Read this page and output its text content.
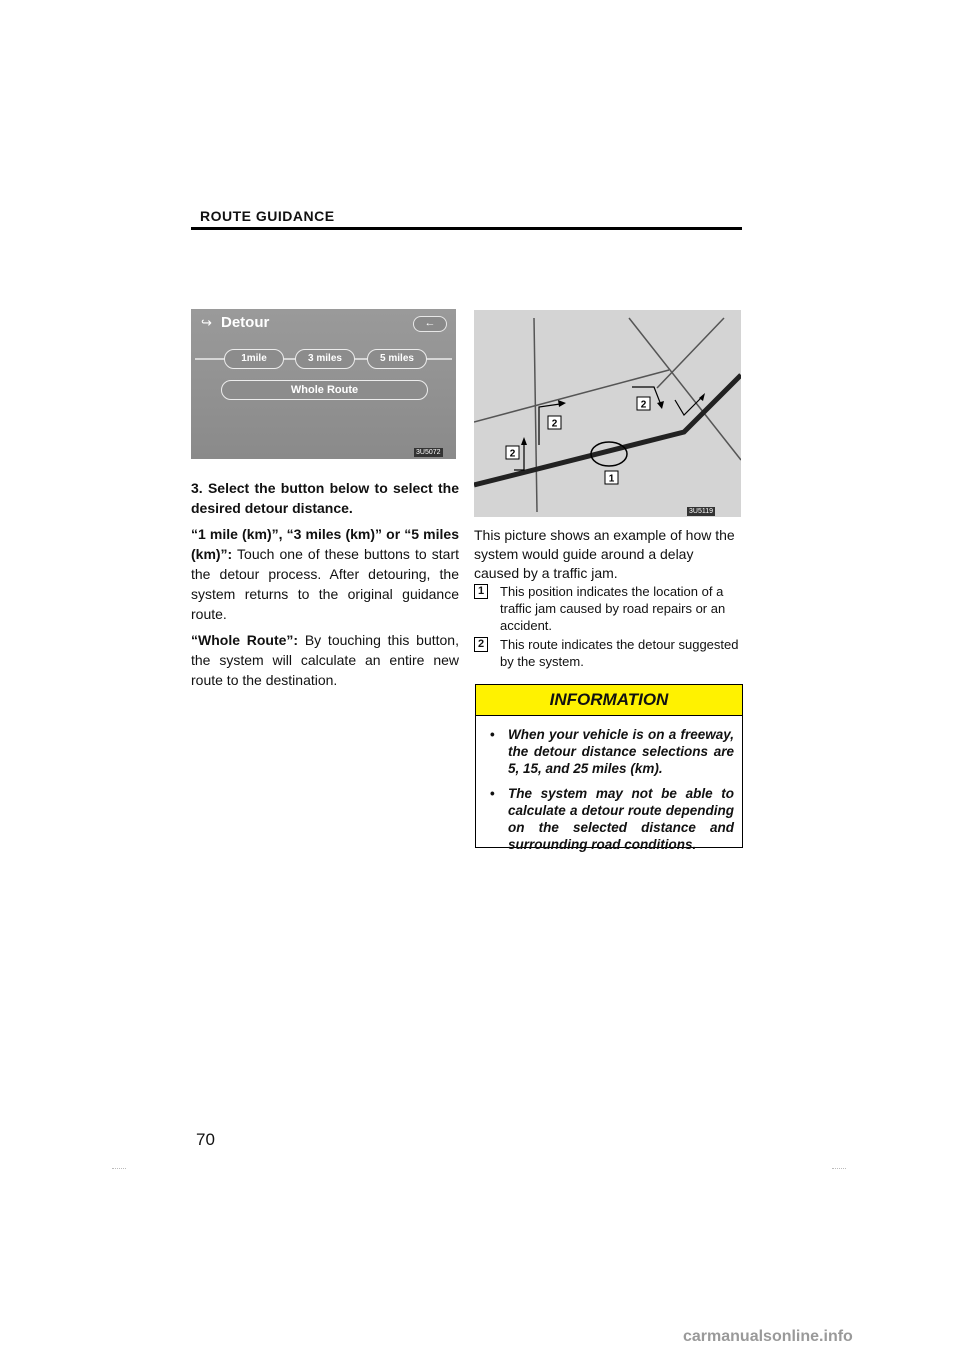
ROUTE GUIDANCE
↪ Detour	←
1mile	3 miles	5 miles
Whole Route
3U5072

3. Select the button below to select the desired detour distance.

“1 mile (km)”, “3 miles (km)” or “5 miles (km)”: Touch one of these buttons to start the detour process. After detouring, the system returns to the original guidance route.

“Whole Route”: By touching this button, the system will calculate an entire new route to the destination.

2
2
2
1
3U5119
This picture shows an example of how the system would guide around a delay caused by a traffic jam.
1	This position indicates the location of a traffic jam caused by road repairs or an accident.
2	This route indicates the detour suggested by the system.
INFORMATION
• When your vehicle is on a freeway, the detour distance selections are 5, 15, and 25 miles (km).
• The system may not be able to calculate a detour route depending on the selected distance and surrounding road conditions.
70
carmanualsonline.info
